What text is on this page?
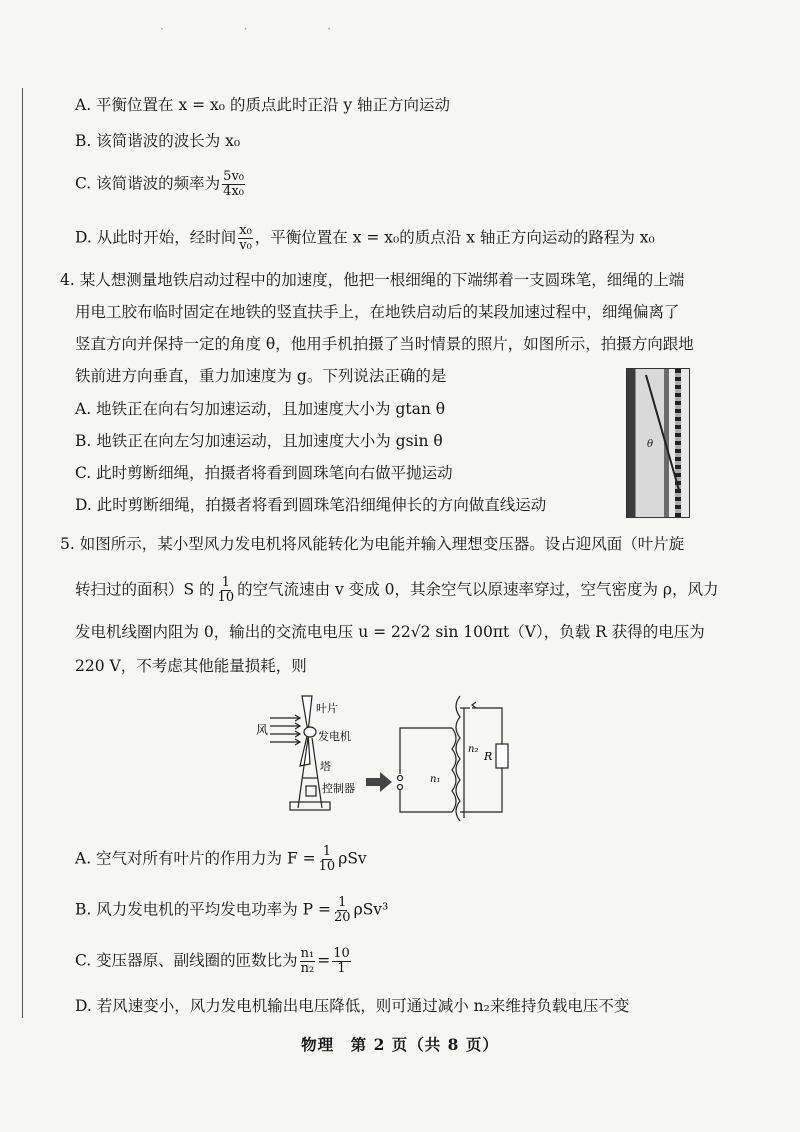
· · ·
A. 平衡位置在 x = x₀ 的质点此时正沿 y 轴正方向运动
B. 该简谐波的波长为 x₀
C. 该简谐波的频率为 $\frac{\text{5v₀}}{\text{4x₀}}$
D. 从此时开始，经时间 $\frac{\text{x₀}}{\text{v₀}}$ ，平衡位置在 x = x₀的质点沿 x 轴正方向运动的路程为 x₀
4. 某人想测量地铁启动过程中的加速度，他把一根细绳的下端绑着一支圆珠笔，细绳的上端
用电工胶布临时固定在地铁的竖直扶手上，在地铁启动后的某段加速过程中，细绳偏离了
竖直方向并保持一定的角度 θ，他用手机拍摄了当时情景的照片，如图所示，拍摄方向跟地
铁前进方向垂直，重力加速度为 g。下列说法正确的是
A. 地铁正在向右匀加速运动，且加速度大小为 gtan θ
B. 地铁正在向左匀加速运动，且加速度大小为 gsin θ
C. 此时剪断细绳，拍摄者将看到圆珠笔向右做平抛运动
D. 此时剪断细绳，拍摄者将看到圆珠笔沿细绳伸长的方向做直线运动
θ
5. 如图所示，某小型风力发电机将风能转化为电能并输入理想变压器。设占迎风面（叶片旋
转扫过的面积）S 的 $\frac{1}{10}$ 的空气流速由 v 变成 0，其余空气以原速率穿过，空气密度为 ρ，风力
发电机线圈内阻为 0，输出的交流电电压 u = 22√2 sin 100πt（V），负载 R 获得的电压为
220 V，不考虑其他能量损耗，则
风
叶片
发电机
塔
控制器
n₁
n₂
R
A. 空气对所有叶片的作用力为 $F = \frac{1}{10}$ ρSv
B. 风力发电机的平均发电功率为 $P = \frac{1}{20} \rho Sv^3$
C. 变压器原、副线圈的匝数比为 $\frac{\text{n₁}}{\text{n₂}} = \frac{10}{1}$
D. 若风速变小，风力发电机输出电压降低，则可通过减小 n₂来维持负载电压不变
物理　第 2 页（共 8 页）
